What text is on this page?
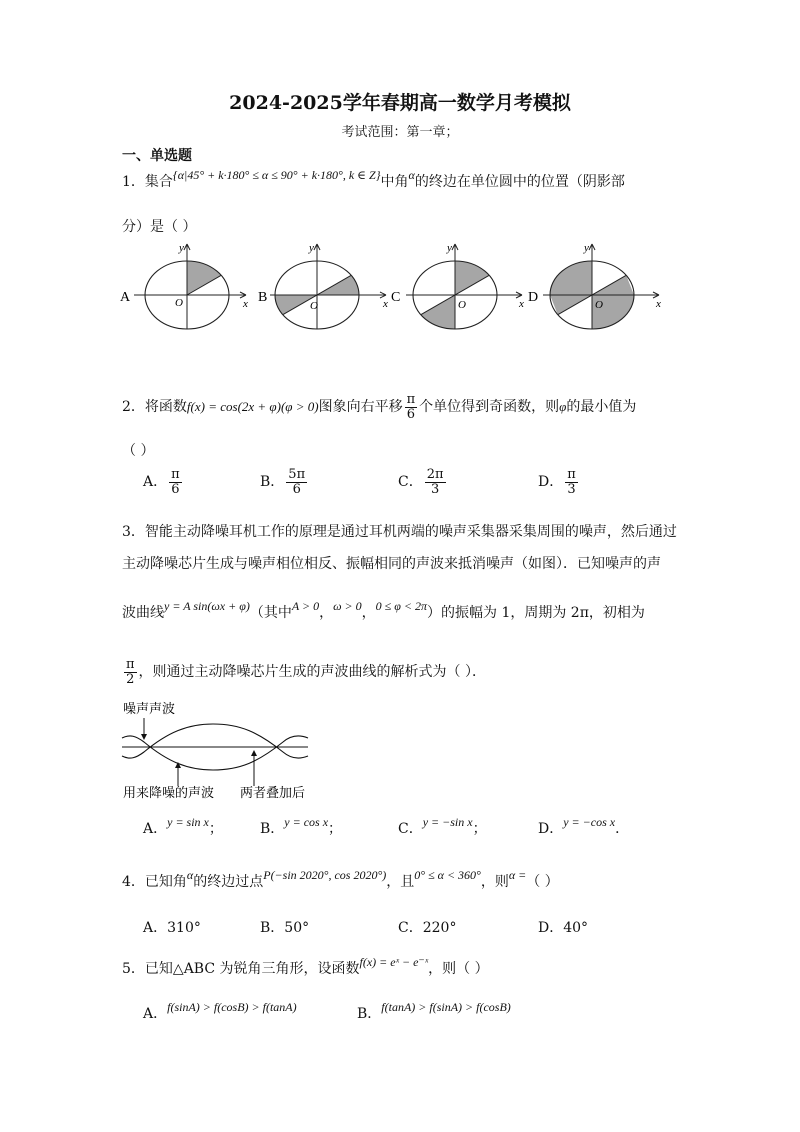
2024-2025学年春期高一数学月考模拟
考试范围：第一章；
一、单选题
1．集合{α|45° + k·180° ≤ α ≤ 90° + k·180°, k ∈ Z}中角α的终边在单位圆中的位置（阴影部
分）是（ ）
A	x
y
O	B	x
y
O
C	x
y
O	D	x
y
O
2．将函数f(x) = cos(2x + φ)(φ > 0)图象向右平移 $\frac{\pi}{6}$ 个单位得到奇函数，则φ的最小值为
（ ）
A． $\frac{\pi}{6}$	B． $\frac{5\pi}{6}$	C． $\frac{2\pi}{3}$	D． $\frac{\pi}{3}$
3．智能主动降噪耳机工作的原理是通过耳机两端的噪声采集器采集周围的噪声，然后通过
主动降噪芯片生成与噪声相位相反、振幅相同的声波来抵消噪声（如图）．已知噪声的声
波曲线y = A sin(ωx + φ)（其中A > 0，ω > 0，0 ≤ φ < 2π）的振幅为 1，周期为 2π，初相为
$\frac{\pi}{2}$ ，则通过主动降噪芯片生成的声波曲线的解析式为（ ）．
噪声声波
用来降噪的声波 两者叠加后
A．y = sin x；	B．y = cos x；	C．y = −sin x；	D．y = −cos x．
4．已知角α的终边过点P(−sin 2020°, cos 2020°)，且0° ≤ α < 360°，则α =（ ）
A．310°	B．50°	C．220°	D．40°
5．已知△ABC 为锐角三角形，设函数f(x) = eˣ − e⁻ˣ，则（ ）
A．f(sinA) > f(cosB) > f(tanA)	B．f(tanA) > f(sinA) > f(cosB)
